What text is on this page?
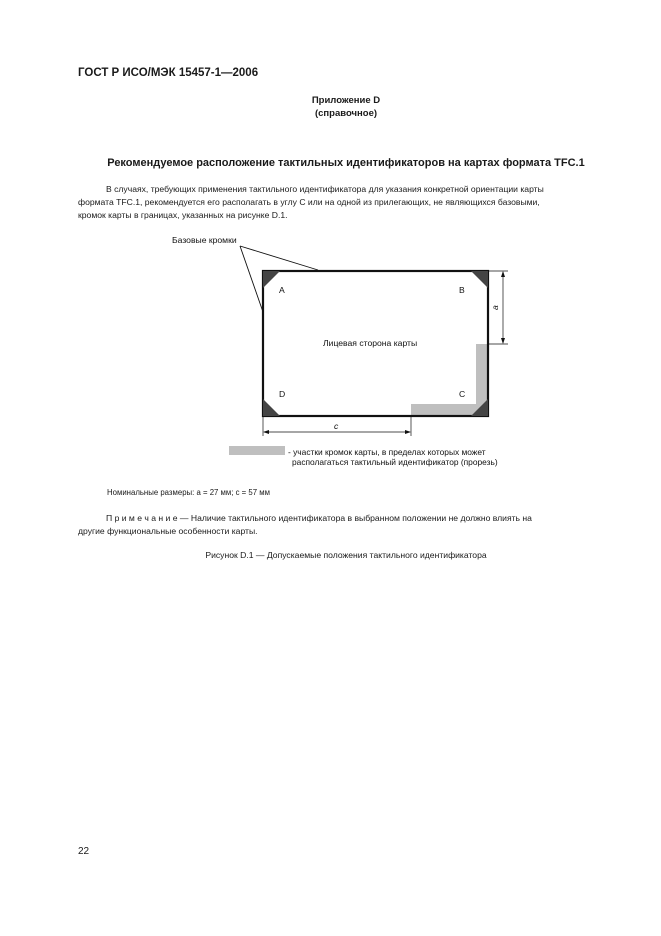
ГОСТ Р ИСО/МЭК 15457-1—2006
Приложение D
(справочное)
Рекомендуемое расположение тактильных идентификаторов на картах формата TFC.1
В случаях, требующих применения тактильного идентификатора для указания конкретной ориентации карты
формата TFC.1, рекомендуется его располагать в углу C или на одной из прилегающих, не являющихся базовыми,
кромок карты в границах, указанных на рисунке D.1.
Базовые кромки
A	B
D	C
Лицевая сторона карты
a
c
- участки кромок карты, в пределах которых может
располагаться тактильный идентификатор (прорезь)
Номинальные размеры: a = 27 мм; c = 57 мм
П р и м е ч а н и е — Наличие тактильного идентификатора в выбранном положении не должно влиять на
другие функциональные особенности карты.
Рисунок D.1 — Допускаемые положения тактильного идентификатора
22
